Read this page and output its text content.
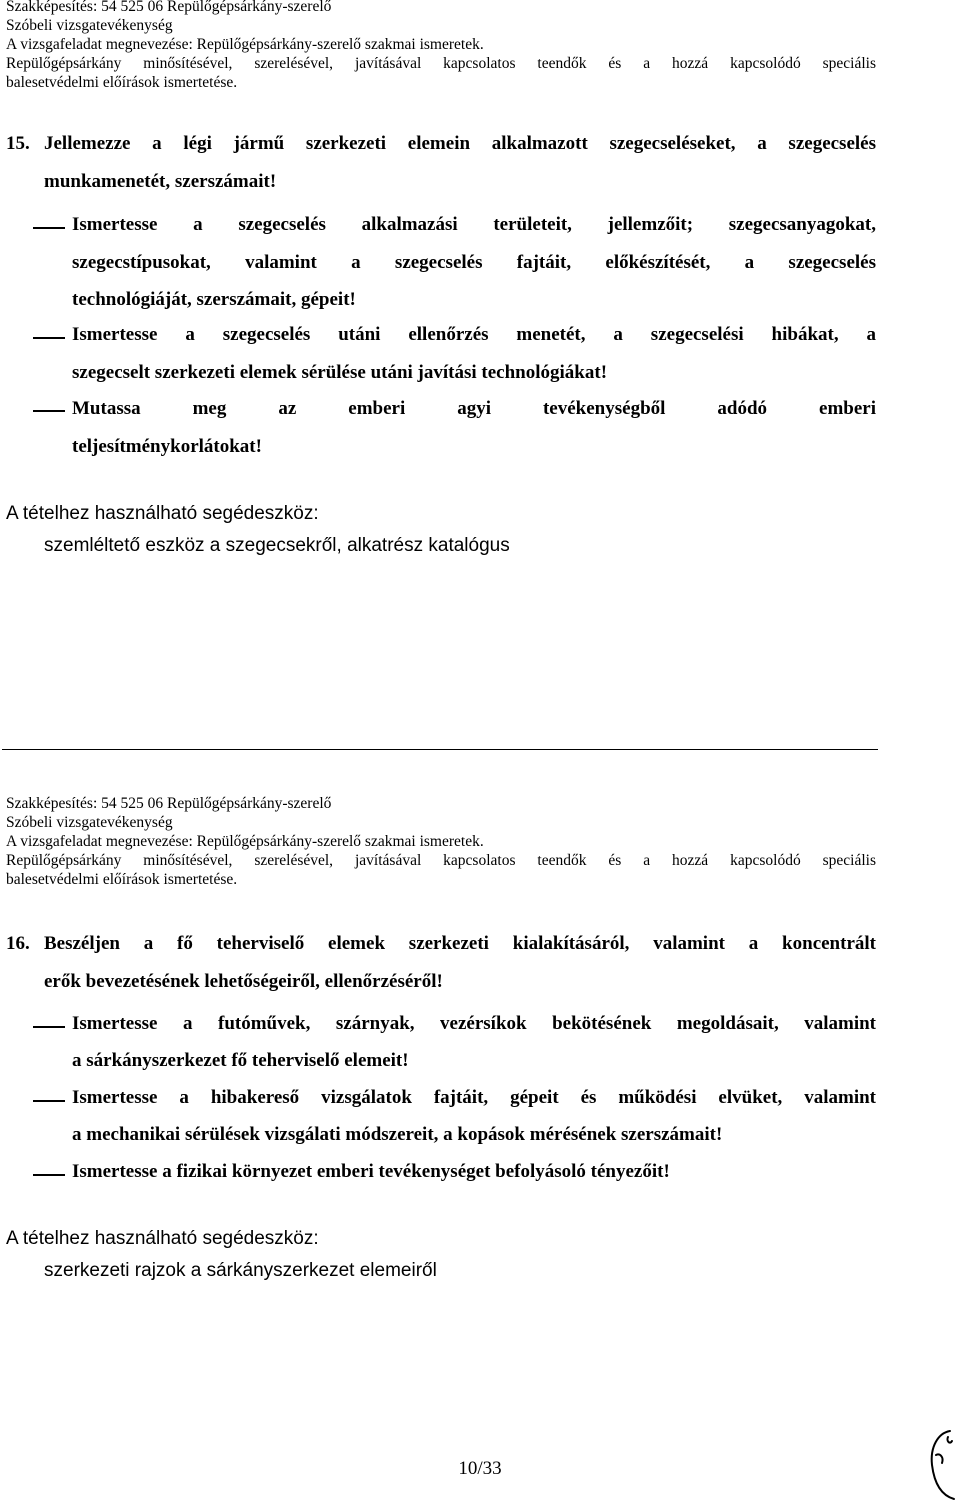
Szakképesítés: 54 525 06 Repülőgépsárkány-szerelő
Szóbeli vizsgatevékenység
A vizsgafeladat megnevezése: Repülőgépsárkány-szerelő szakmai ismeretek.
Repülőgépsárkány minősítésével, szerelésével, javításával kapcsolatos teendők és a hozzá kapcsolódó speciális
balesetvédelmi előírások ismertetése.
15. Jellemezze a légi jármű szerkezeti elemein alkalmazott szegecseléseket, a szegecselés
munkamenetét, szerszámait!
Ismertesse a szegecselés alkalmazási területeit, jellemzőit; szegecsanyagokat,
szegecstípusokat, valamint a szegecselés fajtáit, előkészítését, a szegecselés
technológiáját, szerszámait, gépeit!
Ismertesse a szegecselés utáni ellenőrzés menetét, a szegecselési hibákat, a
szegecselt szerkezeti elemek sérülése utáni javítási technológiákat!
Mutassa meg az emberi agyi tevékenységből adódó emberi
teljesítménykorlátokat!
A tételhez használható segédeszköz:
szemléltető eszköz a szegecsekről, alkatrész katalógus
Szakképesítés: 54 525 06 Repülőgépsárkány-szerelő
Szóbeli vizsgatevékenység
A vizsgafeladat megnevezése: Repülőgépsárkány-szerelő szakmai ismeretek.
Repülőgépsárkány minősítésével, szerelésével, javításával kapcsolatos teendők és a hozzá kapcsolódó speciális
balesetvédelmi előírások ismertetése.
16. Beszéljen a fő teherviselő elemek szerkezeti kialakításáról, valamint a koncentrált
erők bevezetésének lehetőségeiről, ellenőrzéséről!
Ismertesse a futóművek, szárnyak, vezérsíkok bekötésének megoldásait, valamint
a sárkányszerkezet fő teherviselő elemeit!
Ismertesse a hibakereső vizsgálatok fajtáit, gépeit és működési elvüket, valamint
a mechanikai sérülések vizsgálati módszereit, a kopások mérésének szerszámait!
Ismertesse a fizikai környezet emberi tevékenységet befolyásoló tényezőit!
A tételhez használható segédeszköz:
szerkezeti rajzok a sárkányszerkezet elemeiről
10/33
